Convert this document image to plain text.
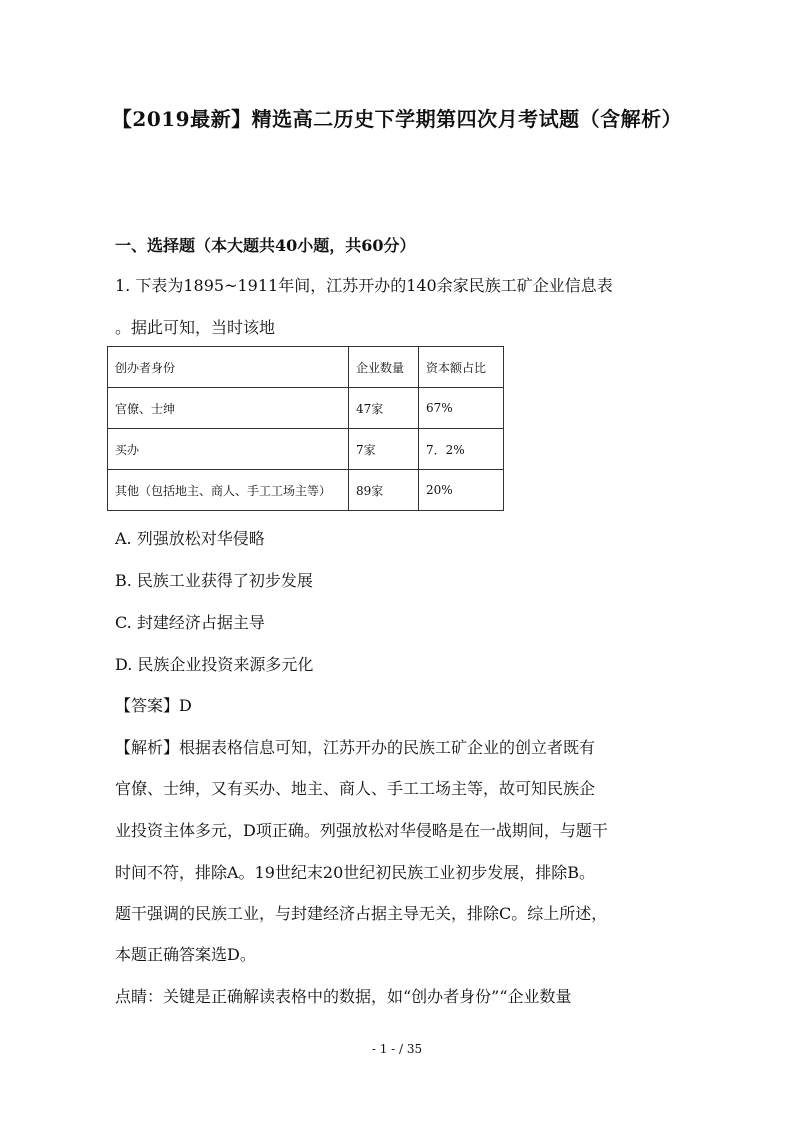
【2019最新】精选高二历史下学期第四次月考试题（含解析）
一、选择题（本大题共40小题，共60分）
1. 下表为1895~1911年间，江苏开办的140余家民族工矿企业信息表
。据此可知，当时该地
创办者身份	企业数量	资本额占比
官僚、士绅	47家	67%
买办	7家	7．2%
其他（包括地主、商人、手工工场主等）	89家	20%
A. 列强放松对华侵略
B. 民族工业获得了初步发展
C. 封建经济占据主导
D. 民族企业投资来源多元化
【答案】D
【解析】根据表格信息可知，江苏开办的民族工矿企业的创立者既有
官僚、士绅，又有买办、地主、商人、手工工场主等，故可知民族企
业投资主体多元，D项正确。列强放松对华侵略是在一战期间，与题干
时间不符，排除A。19世纪末20世纪初民族工业初步发展，排除B。
题干强调的民族工业，与封建经济占据主导无关，排除C。综上所述，
本题正确答案选D。
点睛：关键是正确解读表格中的数据，如“创办者身份”“企业数量
- 1 - / 35
